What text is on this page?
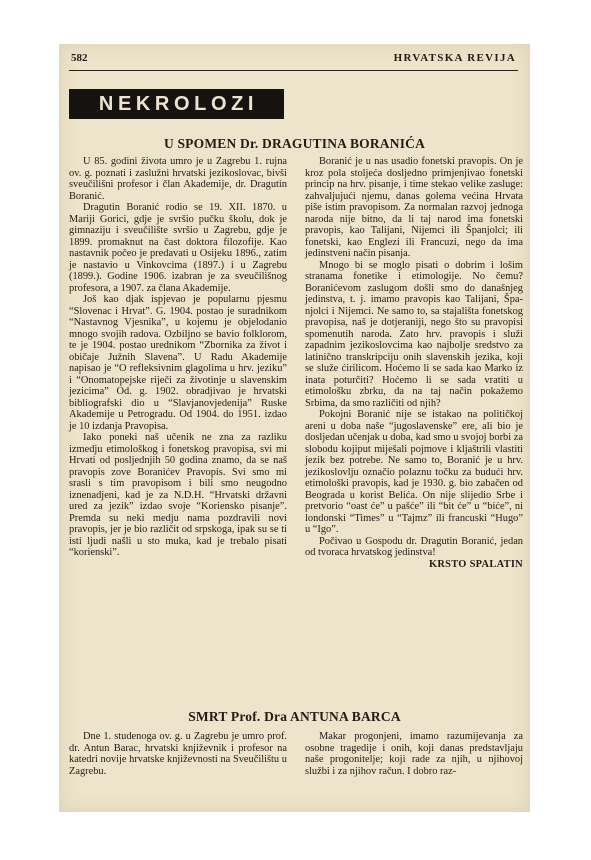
582	HRVATSKA REVIJA
NEKROLOZI
U SPOMEN Dr. DRAGUTINA BORANIĆA

U 85. godini života umro je u Zagrebu 1. rujna ov. g. poznati i zaslužni hrvatski jezikoslovac, bivši sveučilišni profesor i član Akademije, dr. Dragutin Boranić.

Dragutin Boranić rodio se 19. XII. 1870. u Mariji Gorici, gdje je svršio pučku školu, dok je gimnaziju i sveučilište svršio u Zagrebu, gdje je 1899. promaknut na čast doktora filozofije. Kao nastavnik počeo je predavati u Osijeku 1896., zatim je nastavio u Vinkovcima (1897.) i u Zagrebu (1899.). Godine 1906. izabran je za sveučilišnog profesora, a 1907. za člana Akademije.

Još kao djak ispjevao je popularnu pjesmu “Slovenac i Hrvat”. G. 1904. postao je suradnikom “Nastavnog Vjesnika”, u kojemu je objelodanio mnogo svojih radova. Ozbiljno se bavio folklorom, te je 1904. postao urednikom “Zbornika za život i običaje Južnih Slavena”. U Radu Akademije napisao je “O refleksivnim glagolima u hrv. jeziku” i “Onomatopejske riječi za životinje u slavenskim jezicima” Od. g. 1902. obradjivao je hrvatski bibliografski dio u “Slavjanovjedenija” Ruske Akademije u Petrogradu. Od 1904. do 1951. izdao je 10 izdanja Pravopisa.

Iako poneki naš učenik ne zna za razliku izmedju etimološkog i fonetskog pravopisa, svi mi Hrvati od posljednjih 50 godina znamo, da se naš pravopis zove Boranićev Pravopis. Svi smo mi srasli s tim pravopisom i bili smo neugodno iznenadjeni, kad je za N.D.H. “Hrvatski državni ured za jezik” izdao svoje “Koriensko pisanje”. Premda su neki medju nama pozdravili novi pravopis, jer je bio različit od srpskoga, ipak su se ti isti ljudi našli u sto muka, kad je trebalo pisati “korienski”.

Boranić je u nas usadio fonetski pravopis. On je kroz pola stoljeća dosljedno primjenjivao fonetski princip na hrv. pisanje, i time stekao velike zasluge: zahvaljujući njemu, danas golema većina Hrvata piše istim pravopisom. Za normalan razvoj jednoga naroda nije bitno, da li taj narod ima fonetski pravopis, kao Talijani, Nijemci ili Španjolci; ili fonetski, kao Englezi ili Francuzi, nego da ima jedinstveni način pisanja.

Mnogo bi se moglo pisati o dobrim i lošim stranama fonetike i etimologije. No čemu? Boranićevom zaslugom došli smo do današnjeg jedinstva, t. j. imamo pravopis kao Talijani, Španjolci i Nijemci. Ne samo to, sa stajališta fonetskog pravopisa, naš je dotjeraniji, nego što su pravopisi spomenutih naroda. Zato hrv. pravopis i služi zapadnim jezikoslovcima kao najbolje sredstvo za latinično transkripciju onih slavenskih jezika, koji se služe ćirilicom. Hoćemo li se sada kao Marko iz inata poturčiti? Hoćemo li se sada vratiti u etimološku zbrku, da na taj način pokažemo Srbima, da smo različiti od njih?

Pokojni Boranić nije se istakao na političkoj areni u doba naše “jugoslavenske” ere, ali bio je dosljedan učenjak u doba, kad smo u svojoj borbi za slobodu kojiput miješali pojmove i kljaštrili vlastiti jezik bez potrebe. Ne samo to, Boranić je u hrv. jezikoslovlju označio polaznu točku za budući hrv. etimološki pravopis, kad je 1930. g. bio zabačen od Beograda u korist Belića. On nije slijedio Srbe i pretvorio “oast će” u pašće” ili “bit će” u “biće”, ni londonski “Times” u “Tajmz” ili francuski “Hugo” u “Igo”.

Počivao u Gospodu dr. Dragutin Boranić, jedan od tvoraca hrvatskog jedinstva!

KRSTO SPALATIN
SMRT Prof. Dra ANTUNA BARCA

Dne 1. studenoga ov. g. u Zagrebu je umro prof. dr. Antun Barac, hrvatski književnik i profesor na katedri novije hrvatske književnosti na Sveučilištu u Zagrebu.

Makar progonjeni, imamo razumijevanja za osobne tragedije i onih, koji danas predstavljaju naše progonitelje; koji rade za njih, u njihovoj službi i za njihov račun. I dobro raz-
